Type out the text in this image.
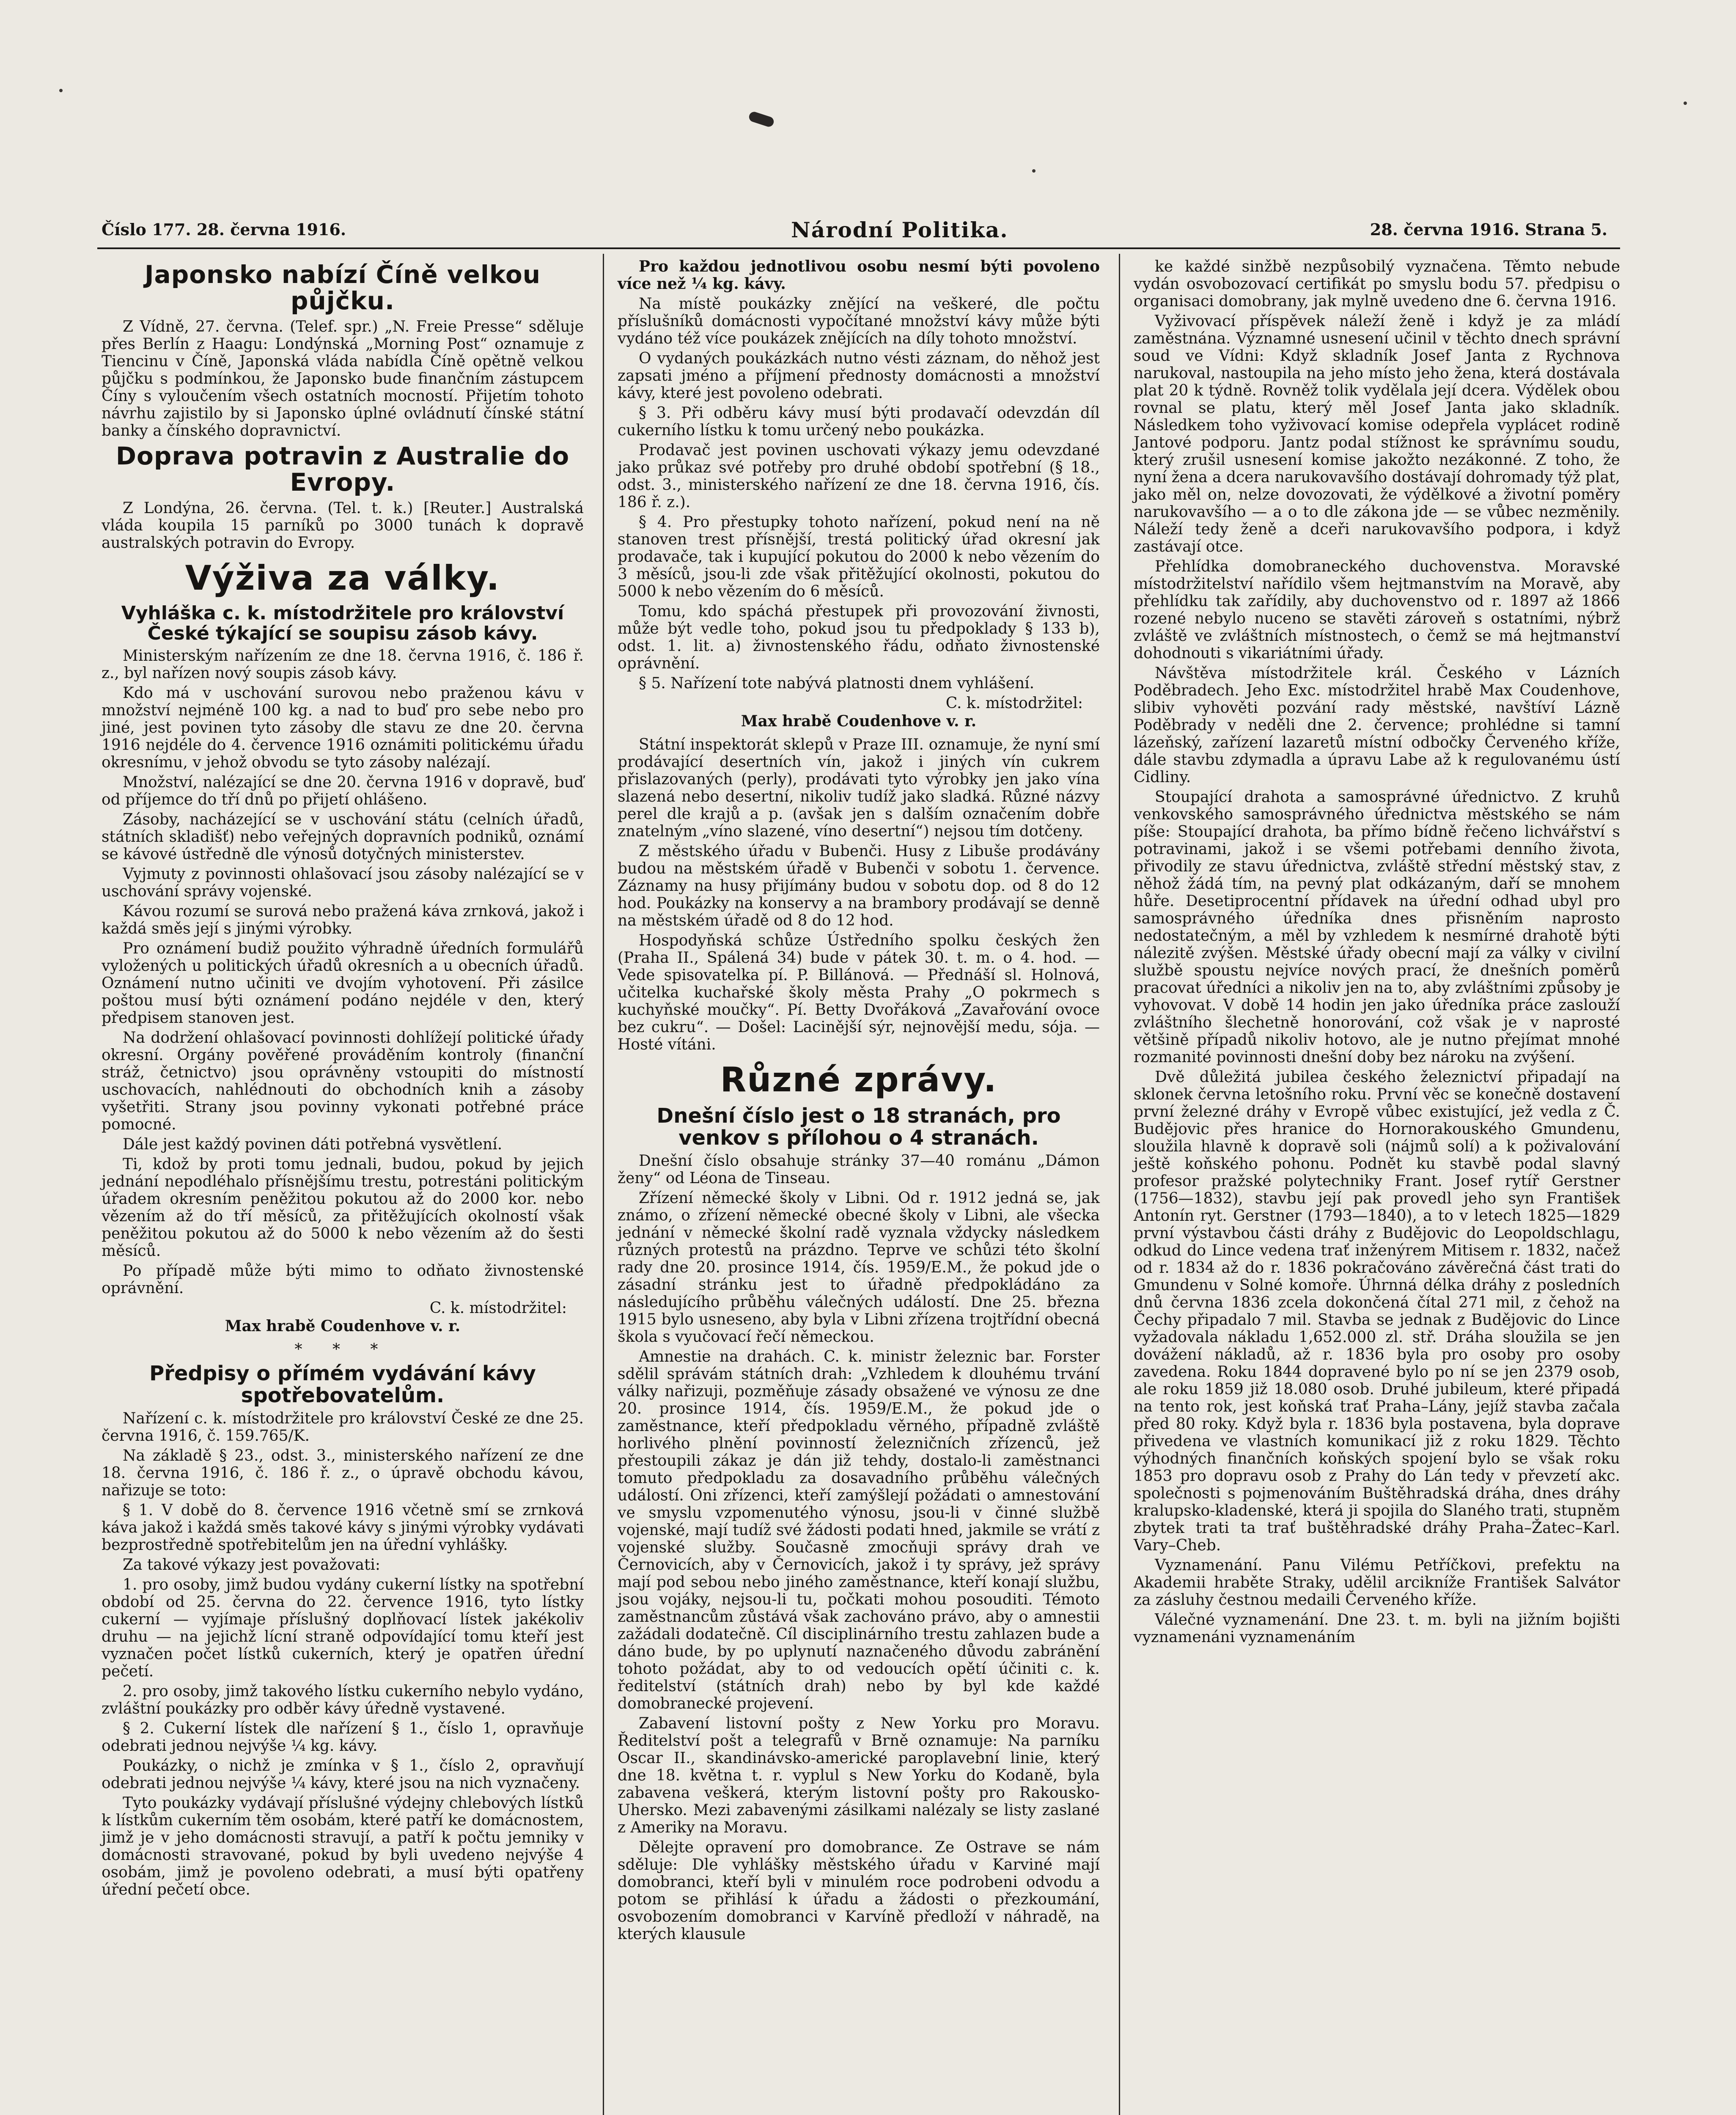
Číslo 177. 28. června 1916.	Národní Politika.	28. června 1916. Strana 5.
Japonsko nabízí Číně velkou půjčku.

Z Vídně, 27. června. (Telef. spr.) „N. Freie Presse“ sděluje přes Berlín z Haagu: Londýnská „Morning Post“ oznamuje z Tiencinu v Číně, Japonská vláda nabídla Číně opětně velkou půjčku s podmínkou, že Japonsko bude finančním zástupcem Číny s vyloučením všech ostatních mocností. Přijetím tohoto návrhu zajistilo by si Japonsko úplné ovládnutí čínské státní banky a čínského dopravnictví.

Doprava potravin z Australie do Evropy.

Z Londýna, 26. června. (Tel. t. k.) [Reuter.] Australská vláda koupila 15 parníků po 3000 tunách k dopravě australských potravin do Evropy.

Výživa za války.
Vyhláška c. k. místodržitele pro království České týkající se soupisu zásob kávy.

Ministerským nařízením ze dne 18. června 1916, č. 186 ř. z., byl nařízen nový soupis zásob kávy.

Kdo má v uschování surovou nebo praženou kávu v množství nejméně 100 kg. a nad to buď pro sebe nebo pro jiné, jest povinen tyto zásoby dle stavu ze dne 20. června 1916 nejdéle do 4. července 1916 oznámiti politickému úřadu okresnímu, v jehož obvodu se tyto zásoby nalézají.

Množství, nalézající se dne 20. června 1916 v dopravě, buď od příjemce do tří dnů po přijetí ohlášeno.

Zásoby, nacházející se v uschování státu (celních úřadů, státních skladišť) nebo veřejných dopravních podniků, oznámí se kávové ústředně dle výnosů dotyčných ministerstev.

Vyjmuty z povinnosti ohlašovací jsou zásoby nalézající se v uschování správy vojenské.

Kávou rozumí se surová nebo pražená káva zrnková, jakož i každá směs její s jinými výrobky.

Pro oznámení budiž použito výhradně úředních formulářů vyložených u politických úřadů okresních a u obecních úřadů. Oznámení nutno učiniti ve dvojím vyhotovení. Při zásilce poštou musí býti oznámení podáno nejdéle v den, který předpisem stanoven jest.

Na dodržení ohlašovací povinnosti dohlížejí politické úřady okresní. Orgány pověřené prováděním kontroly (finanční stráž, četnictvo) jsou oprávněny vstoupiti do místností uschovacích, nahlédnouti do obchodních knih a zásoby vyšetřiti. Strany jsou povinny vykonati potřebné práce pomocné.

Dále jest každý povinen dáti potřebná vysvětlení.

Ti, kdož by proti tomu jednali, budou, pokud by jejich jednání nepodléhalo přísnějšímu trestu, potrestáni politickým úřadem okresním peněžitou pokutou až do 2000 kor. nebo vězením až do tří měsíců, za přitěžujících okolností však peněžitou pokutou až do 5000 k nebo vězením až do šesti měsíců.

Po případě může býti mimo to odňato živnostenské oprávnění.

C. k. místodržitel:
Max hrabě Coudenhove v. r.
* * *
Předpisy o přímém vydávání kávy spotřebovatelům.

Nařízení c. k. místodržitele pro království České ze dne 25. června 1916, č. 159.765/K.

Na základě § 23., odst. 3., ministerského nařízení ze dne 18. června 1916, č. 186 ř. z., o úpravě obchodu kávou, nařizuje se toto:

§ 1. V době do 8. července 1916 včetně smí se zrnková káva jakož i každá směs takové kávy s jinými výrobky vydávati bezprostředně spotřebitelům jen na úřední vyhlášky.

Za takové výkazy jest považovati:

1. pro osoby, jimž budou vydány cukerní lístky na spotřební období od 25. června do 22. července 1916, tyto lístky cukerní — vyjímaje příslušný doplňovací lístek jakékoliv druhu — na jejichž lícní straně odpovídající tomu kteří jest vyznačen počet lístků cukerních, který je opatřen úřední pečetí.

2. pro osoby, jimž takového lístku cukerního nebylo vydáno, zvláštní poukázky pro odběr kávy úředně vystavené.

§ 2. Cukerní lístek dle nařízení § 1., číslo 1, opravňuje odebrati jednou nejvýše ¼ kg. kávy.

Poukázky, o nichž je zmínka v § 1., číslo 2, opravňují odebrati jednou nejvýše ¼ kávy, které jsou na nich vyznačeny.

Tyto poukázky vydávají příslušné výdejny chlebových lístků k lístkům cukerním těm osobám, které patří ke domácnostem, jimž je v jeho domácnosti stravují, a patří k počtu jemniky v domácnosti stravované, pokud by byli uvedeno nejvýše 4 osobám, jimž je povoleno odebrati, a musí býti opatřeny úřední pečetí obce.

Pro každou jednotlivou osobu nesmí býti povoleno více než ¼ kg. kávy.

Na místě poukázky znějící na veškeré, dle počtu příslušníků domácnosti vypočítané množství kávy může býti vydáno též více poukázek znějících na díly tohoto množství.

O vydaných poukázkách nutno vésti záznam, do něhož jest zapsati jméno a příjmení přednosty domácnosti a množství kávy, které jest povoleno odebrati.

§ 3. Při odběru kávy musí býti prodavačí odevzdán díl cukerního lístku k tomu určený nebo poukázka.

Prodavač jest povinen uschovati výkazy jemu odevzdané jako průkaz své potřeby pro druhé období spotřební (§ 18., odst. 3., ministerského nařízení ze dne 18. června 1916, čís. 186 ř. z.).

§ 4. Pro přestupky tohoto nařízení, pokud není na ně stanoven trest přísnější, trestá politický úřad okresní jak prodavače, tak i kupující pokutou do 2000 k nebo vězením do 3 měsíců, jsou-li zde však přitěžující okolnosti, pokutou do 5000 k nebo vězením do 6 měsíců.

Tomu, kdo spáchá přestupek při provozování živnosti, může být vedle toho, pokud jsou tu předpoklady § 133 b), odst. 1. lit. a) živnostenského řádu, odňato živnostenské oprávnění.

§ 5. Nařízení tote nabývá platnosti dnem vyhlášení.

C. k. místodržitel:
Max hrabě Coudenhove v. r.

Státní inspektorát sklepů v Praze III. oznamuje, že nyní smí prodávající desertních vín, jakož i jiných vín cukrem přislazovaných (perly), prodávati tyto výrobky jen jako vína slazená nebo desertní, nikoliv tudíž jako sladká. Různé názvy perel dle krajů a p. (avšak jen s dalším označením dobře znatelným „víno slazené, víno desertní“) nejsou tím dotčeny.

Z městského úřadu v Bubenči. Husy z Libuše prodávány budou na městském úřadě v Bubenči v sobotu 1. července. Záznamy na husy přijímány budou v sobotu dop. od 8 do 12 hod. Poukázky na konservy a na brambory prodávají se denně na městském úřadě od 8 do 12 hod.

Hospodyňská schůze Ústředního spolku českých žen (Praha II., Spálená 34) bude v pátek 30. t. m. o 4. hod. — Vede spisovatelka pí. P. Billánová. — Přednáší sl. Holnová, učitelka kuchařské školy města Prahy „O pokrmech s kuchyňské moučky“. Pí. Betty Dvořáková „Zavařování ovoce bez cukru“. — Došel: Lacinější sýr, nejnovější medu, sója. — Hosté vítáni.

Různé zprávy.
Dnešní číslo jest o 18 stranách, pro venkov s přílohou o 4 stranách.

Dnešní číslo obsahuje stránky 37—40 románu „Dámon ženy“ od Léona de Tinseau.

Zřízení německé školy v Libni. Od r. 1912 jedná se, jak známo, o zřízení německé obecné školy v Libni, ale všecka jednání v německé školní radě vyznala vždycky následkem různých protestů na prázdno. Teprve ve schůzi této školní rady dne 20. prosince 1914, čís. 1959/E.M., že pokud jde o zásadní stránku jest to úřadně předpokládáno za následujícího průběhu válečných událostí. Dne 25. března 1915 bylo usneseno, aby byla v Libni zřízena trojtřídní obecná škola s vyučovací řečí německou.

Amnestie na drahách. C. k. ministr železnic bar. Forster sdělil správám státních drah: „Vzhledem k dlouhému trvání války nařizuji, pozměňuje zásady obsažené ve výnosu ze dne 20. prosince 1914, čís. 1959/E.M., že pokud jde o zaměstnance, kteří předpokladu věrného, případně zvláště horlivého plnění povinností železničních zřízenců, jež přestoupili zákaz je dán již tehdy, dostalo-li zaměstnanci tomuto předpokladu za dosavadního průběhu válečných událostí. Oni zřízenci, kteří zamýšlejí požádati o amnestování ve smyslu vzpomenutého výnosu, jsou-li v činné službě vojenské, mají tudíž své žádosti podati hned, jakmile se vrátí z vojenské služby. Současně zmocňuji správy drah ve Černovicích, aby v Černovicích, jakož i ty správy, jež správy mají pod sebou nebo jiného zaměstnance, kteří konají službu, jsou vojáky, nejsou-li tu, počkati mohou posouditi. Témoto zaměstnancům zůstává však zachováno právo, aby o amnestii zažádali dodatečně. Cíl disciplinárního trestu zahlazen bude a dáno bude, by po uplynutí naznačeného důvodu zabránění tohoto požádat, aby to od vedoucích opětí účiniti c. k. ředitelství (státních drah) nebo by byl kde každé domobranecké projevení.

Zabavení listovní pošty z New Yorku pro Moravu. Ředitelství pošt a telegrafů v Brně oznamuje: Na parníku Oscar II., skandinávsko-americké paroplavební linie, který dne 18. května t. r. vyplul s New Yorku do Kodaně, byla zabavena veškerá, kterým listovní pošty pro Rakousko-Uhersko. Mezi zabavenými zásilkami nalézaly se listy zaslané z Ameriky na Moravu.

Dělejte opravení pro domobrance. Ze Ostrave se nám sděluje: Dle vyhlášky městského úřadu v Karviné mají domobranci, kteří byli v minulém roce podrobeni odvodu a potom se přihlásí k úřadu a žádosti o přezkoumání, osvobozením domobranci v Karvíně předloží v náhradě, na kterých klausule

ke každé sinžbě nezpůsobilý vyznačena. Těmto nebude vydán osvobozovací certifikát po smyslu bodu 57. předpisu o organisaci domobrany, jak mylně uvedeno dne 6. června 1916.

Vyživovací příspěvek náleží ženě i když je za mládí zaměstnána. Významné usnesení učinil v těchto dnech správní soud ve Vídni: Když skladník Josef Janta z Rychnova narukoval, nastoupila na jeho místo jeho žena, která dostávala plat 20 k týdně. Rovněž tolik vydělala její dcera. Výdělek obou rovnal se platu, který měl Josef Janta jako skladník. Následkem toho vyživovací komise odepřela vyplácet rodině Jantové podporu. Jantz podal stížnost ke správnímu soudu, který zrušil usnesení komise jakožto nezákonné. Z toho, že nyní žena a dcera narukovavšího dostávají dohromady týž plat, jako měl on, nelze dovozovati, že výdělkové a životní poměry narukovavšího — a o to dle zákona jde — se vůbec nezměnily. Náleží tedy ženě a dceři narukovavšího podpora, i když zastávají otce.

Přehlídka domobraneckého duchovenstva. Moravské místodržitelství nařídilo všem hejtmanstvím na Moravě, aby přehlídku tak zařídily, aby duchovenstvo od r. 1897 až 1866 rozené nebylo nuceno se stavěti zároveň s ostatními, nýbrž zvláště ve zvláštních místnostech, o čemž se má hejtmanství dohodnouti s vikariátními úřady.

Návštěva místodržitele král. Českého v Lázních Poděbradech. Jeho Exc. místodržitel hrabě Max Coudenhove, slibiv vyhověti pozvání rady městské, navštíví Lázně Poděbrady v neděli dne 2. července; prohlédne si tamní lázeňský, zařízení lazaretů místní odbočky Červeného kříže, dále stavbu zdymadla a úpravu Labe až k regulovanému ústí Cidliny.

Stoupající drahota a samosprávné úřednictvo. Z kruhů venkovského samosprávného úřednictva městského se nám píše: Stoupající drahota, ba přímo bídně řečeno lichvářství s potravinami, jakož i se všemi potřebami denního života, přivodily ze stavu úřednictva, zvláště střední městský stav, z něhož žádá tím, na pevný plat odkázaným, daří se mnohem hůře. Desetiprocentní přídavek na úřední odhad ubyl pro samosprávného úředníka dnes přisněním naprosto nedostatečným, a měl by vzhledem k nesmírné drahotě býti nálezitě zvýšen. Městské úřady obecní mají za války v civilní službě spoustu nejvíce nových prací, že dnešních poměrů pracovat úředníci a nikoliv jen na to, aby zvláštními způsoby je vyhovovat. V době 14 hodin jen jako úředníka práce zaslouží zvláštního šlechetně honorování, což však je v naprosté většině případů nikoliv hotovo, ale je nutno přejímat mnohé rozmanité povinnosti dnešní doby bez nároku na zvýšení.

Dvě důležitá jubilea českého železnictví připadají na sklonek června letošního roku. První věc se konečně dostavení první železné dráhy v Evropě vůbec existující, jež vedla z Č. Budějovic přes hranice do Hornorakouského Gmundenu, sloužila hlavně k dopravě soli (nájmů solí) a k poživalování ještě koňského pohonu. Podnět ku stavbě podal slavný profesor pražské polytechniky Frant. Josef rytíř Gerstner (1756—1832), stavbu její pak provedl jeho syn František Antonín ryt. Gerstner (1793—1840), a to v letech 1825—1829 první výstavbou části dráhy z Budějovic do Leopoldschlagu, odkud do Lince vedena trať inženýrem Mitisem r. 1832, načež od r. 1834 až do r. 1836 pokračováno závěrečná část trati do Gmundenu v Solné komoře. Úhrnná délka dráhy z posledních dnů června 1836 zcela dokončená čítal 271 mil, z čehož na Čechy připadalo 7 mil. Stavba se jednak z Budějovic do Lince vyžadovala nákladu 1,652.000 zl. stř. Dráha sloužila se jen dovážení nákladů, až r. 1836 byla pro osoby pro osoby zavedena. Roku 1844 dopravené bylo po ní se jen 2379 osob, ale roku 1859 již 18.080 osob. Druhé jubileum, které připadá na tento rok, jest koňská trať Praha–Lány, jejíž stavba začala před 80 roky. Když byla r. 1836 byla postavena, byla doprave přivedena ve vlastních komunikací již z roku 1829. Těchto výhodných finančních koňských spojení bylo se však roku 1853 pro dopravu osob z Prahy do Lán tedy v převzetí akc. společnosti s pojmenováním Buštěhradská dráha, dnes dráhy kralupsko-kladenské, která ji spojila do Slaného trati, stupněm zbytek trati ta trať buštěhradské dráhy Praha–Žatec–Karl. Vary–Cheb.

Vyznamenání. Panu Vilému Petříčkovi, prefektu na Akademii hraběte Straky, udělil arcikníže František Salvátor za zásluhy čestnou medaili Červeného kříže.

Válečné vyznamenání. Dne 23. t. m. byli na jižním bojišti vyznamenáni vyznamenáním
